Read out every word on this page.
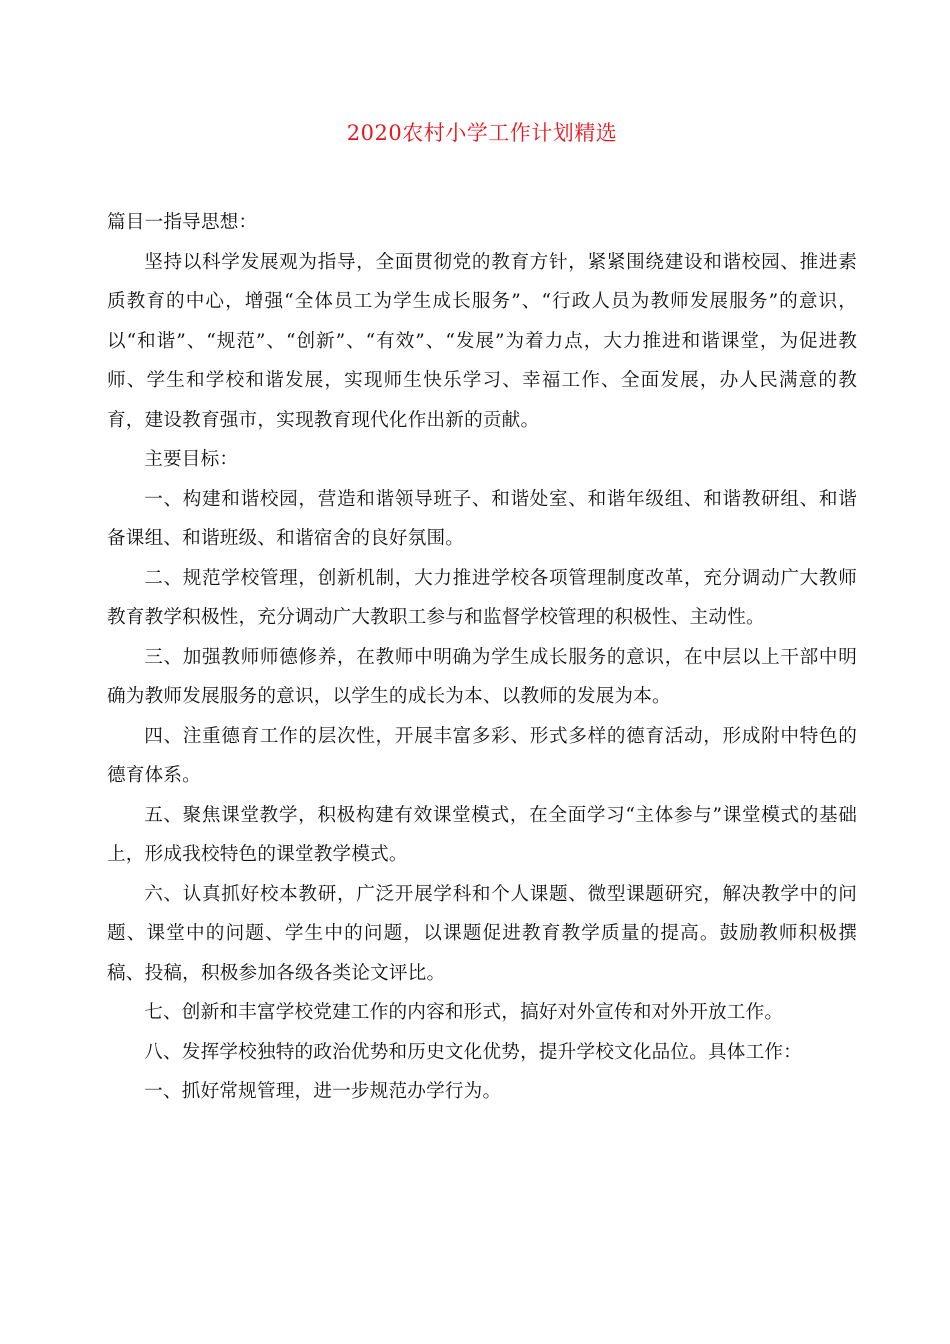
2020农村小学工作计划精选

篇目一指导思想：

坚持以科学发展观为指导，全面贯彻党的教育方针，紧紧围绕建设和谐校园、推进素质教育的中心，增强“全体员工为学生成长服务”、“行政人员为教师发展服务”的意识，以“和谐”、“规范”、“创新”、“有效”、“发展”为着力点，大力推进和谐课堂，为促进教师、学生和学校和谐发展，实现师生快乐学习、幸福工作、全面发展，办人民满意的教育，建设教育强市，实现教育现代化作出新的贡献。

主要目标：

一、构建和谐校园，营造和谐领导班子、和谐处室、和谐年级组、和谐教研组、和谐备课组、和谐班级、和谐宿舍的良好氛围。

二、规范学校管理，创新机制，大力推进学校各项管理制度改革，充分调动广大教师教育教学积极性，充分调动广大教职工参与和监督学校管理的积极性、主动性。

三、加强教师师德修养，在教师中明确为学生成长服务的意识，在中层以上干部中明确为教师发展服务的意识，以学生的成长为本、以教师的发展为本。

四、注重德育工作的层次性，开展丰富多彩、形式多样的德育活动，形成附中特色的德育体系。

五、聚焦课堂教学，积极构建有效课堂模式，在全面学习“主体参与”课堂模式的基础上，形成我校特色的课堂教学模式。

六、认真抓好校本教研，广泛开展学科和个人课题、微型课题研究，解决教学中的问题、课堂中的问题、学生中的问题，以课题促进教育教学质量的提高。鼓励教师积极撰稿、投稿，积极参加各级各类论文评比。

七、创新和丰富学校党建工作的内容和形式，搞好对外宣传和对外开放工作。

八、发挥学校独特的政治优势和历史文化优势，提升学校文化品位。具体工作：

一、抓好常规管理，进一步规范办学行为。
